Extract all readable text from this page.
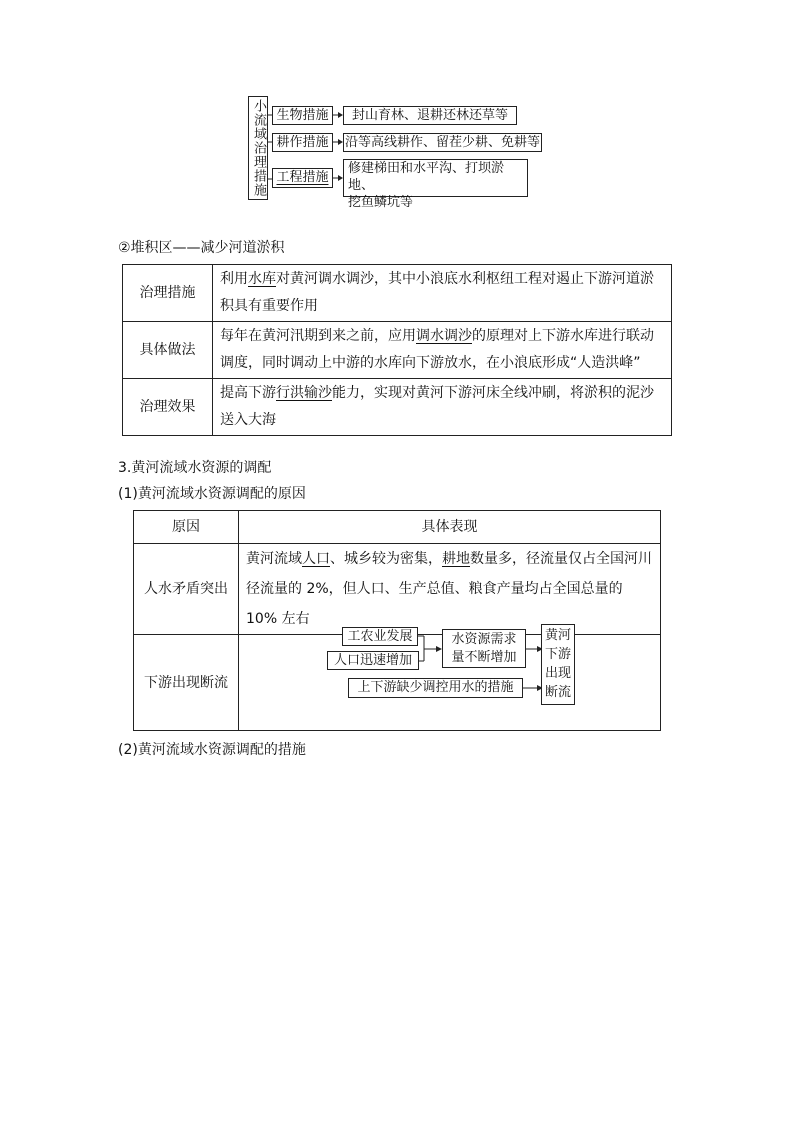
小流域治理措施 生物措施	封山育林、退耕还林还草等
耕作措施	沿等高线耕作、留茬少耕、免耕等
工程措施
修建梯田和水平沟、打坝淤地、
挖鱼鳞坑等
②堆积区——减少河道淤积
治理措施	利用水库对黄河调水调沙，其中小浪底水利枢纽工程对遏止下游河道淤积具有重要作用
具体做法	每年在黄河汛期到来之前，应用调水调沙的原理对上下游水库进行联动调度，同时调动上中游的水库向下游放水，在小浪底形成“人造洪峰”
治理效果	提高下游行洪输沙能力，实现对黄河下游河床全线冲刷，将淤积的泥沙送入大海
3.黄河流域水资源的调配
(1)黄河流域水资源调配的原因
原因	具体表现
人水矛盾突出	黄河流域人口、城乡较为密集，耕地数量多，径流量仅占全国河川径流量的 2%，但人口、生产总值、粮食产量均占全国总量的 10% 左右
下游出现断流	
工农业发展
人口迅速增加
水资源需求
量不断增加
上下游缺少调控用水的措施
黄河
下游
出现
断流
(2)黄河流域水资源调配的措施
